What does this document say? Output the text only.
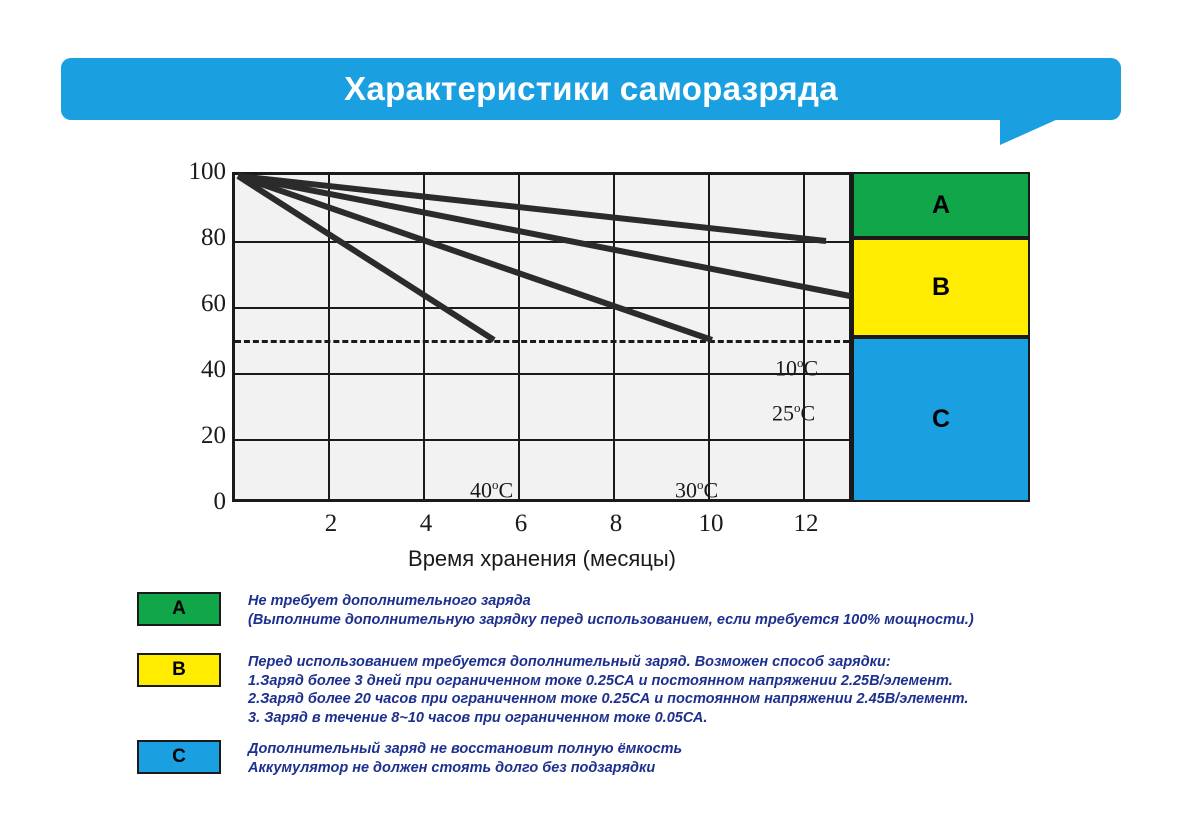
Характеристики саморазряда
100
80
60
40
20
0
10$^o$C
25$^o$C
30$^o$C
40$^o$C
A
B
C
2	4	6	8	10	12
Время хранения (месяцы)
A	Не требует дополнительного заряда
(Выполните дополнительную зарядку перед использованием, если требуется 100% мощности.)
B	Перед использованием требуется дополнительный заряд. Возможен способ зарядки:
1.Заряд более 3 дней при ограниченном токе 0.25СА и постоянном напряжении 2.25В/элемент.
2.Заряд более 20 часов при ограниченном токе 0.25СА и постоянном напряжении 2.45В/элемент.
3. Заряд в течение 8~10 часов при ограниченном токе 0.05СА.
C	Дополнительный заряд не восстановит полную ёмкость
Аккумулятор не должен стоять долго без подзарядки
